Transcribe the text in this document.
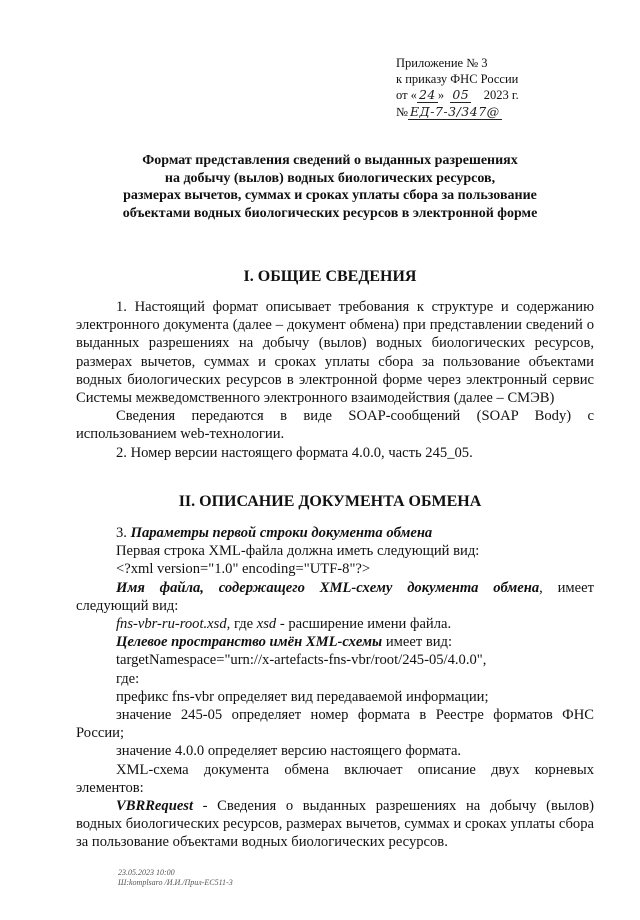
Приложение № 3
к приказу ФНС России
от « 24 » 05 2023 г.
№ ЕД-7-3/347@
Формат представления сведений о выданных разрешениях
на добычу (вылов) водных биологических ресурсов,
размерах вычетов, суммах и сроках уплаты сбора за пользование
объектами водных биологических ресурсов в электронной форме
I. ОБЩИЕ СВЕДЕНИЯ

1. Настоящий формат описывает требования к структуре и содержанию электронного документа (далее – документ обмена) при представлении сведений о выданных разрешениях на добычу (вылов) водных биологических ресурсов, размерах вычетов, суммах и сроках уплаты сбора за пользование объектами водных биологических ресурсов в электронной форме через электронный сервис Системы межведомственного электронного взаимодействия (далее – СМЭВ)

Сведения передаются в виде SOAP-сообщений (SOAP Body) с использованием web-технологии.

2. Номер версии настоящего формата 4.0.0, часть 245_05.

II. ОПИСАНИЕ ДОКУМЕНТА ОБМЕНА

3. Параметры первой строки документа обмена

Первая строка XML-файла должна иметь следующий вид:

<?xml version="1.0" encoding="UTF-8"?>

Имя файла, содержащего XML-схему документа обмена, имеет следующий вид:

fns-vbr-ru-root.xsd, где xsd - расширение имени файла.

Целевое пространство имён XML-схемы имеет вид:

targetNamespace="urn://x-artefacts-fns-vbr/root/245-05/4.0.0",

где:

префикс fns-vbr определяет вид передаваемой информации;

значение 245-05 определяет номер формата в Реестре форматов ФНС России;

значение 4.0.0 определяет версию настоящего формата.

XML-схема документа обмена включает описание двух корневых элементов:

VBRRequest - Сведения о выданных разрешениях на добычу (вылов) водных биологических ресурсов, размерах вычетов, суммах и сроках уплаты сбора за пользование объектами водных биологических ресурсов.

23.05.2023 10:00
Ш:komplsaro /И.И./Прил-ЕС511-3
